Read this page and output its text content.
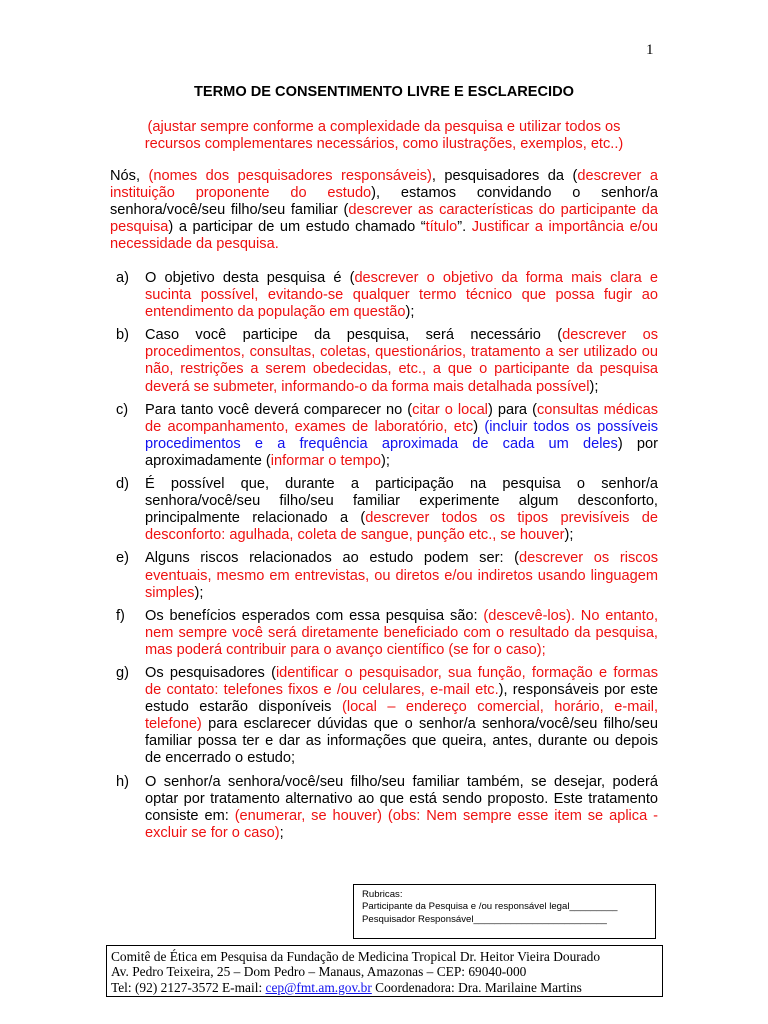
1
TERMO DE CONSENTIMENTO LIVRE E ESCLARECIDO
(ajustar sempre conforme a complexidade da pesquisa e utilizar todos os recursos complementares necessários, como ilustrações, exemplos, etc..)
Nós, (nomes dos pesquisadores responsáveis), pesquisadores da (descrever a instituição proponente do estudo), estamos convidando o senhor/a senhora/você/seu filho/seu familiar (descrever as características do participante da pesquisa) a participar de um estudo chamado “título”. Justificar a importância e/ou necessidade da pesquisa.
a) O objetivo desta pesquisa é (descrever o objetivo da forma mais clara e sucinta possível, evitando-se qualquer termo técnico que possa fugir ao entendimento da população em questão);
b) Caso você participe da pesquisa, será necessário (descrever os procedimentos, consultas, coletas, questionários, tratamento a ser utilizado ou não, restrições a serem obedecidas, etc., a que o participante da pesquisa deverá se submeter, informando-o da forma mais detalhada possível);
c) Para tanto você deverá comparecer no (citar o local) para (consultas médicas de acompanhamento, exames de laboratório, etc) (incluir todos os possíveis procedimentos e a frequência aproximada de cada um deles) por aproximadamente (informar o tempo);
d) É possível que, durante a participação na pesquisa o senhor/a senhora/você/seu filho/seu familiar experimente algum desconforto, principalmente relacionado a (descrever todos os tipos previsíveis de desconforto: agulhada, coleta de sangue, punção etc., se houver);
e) Alguns riscos relacionados ao estudo podem ser: (descrever os riscos eventuais, mesmo em entrevistas, ou diretos e/ou indiretos usando linguagem simples);
f) Os benefícios esperados com essa pesquisa são: (descevê-los). No entanto, nem sempre você será diretamente beneficiado com o resultado da pesquisa, mas poderá contribuir para o avanço científico (se for o caso);
g) Os pesquisadores (identificar o pesquisador, sua função, formação e formas de contato: telefones fixos e /ou celulares, e-mail etc.), responsáveis por este estudo estarão disponíveis (local – endereço comercial, horário, e-mail, telefone) para esclarecer dúvidas que o senhor/a senhora/você/seu filho/seu familiar possa ter e dar as informações que queira, antes, durante ou depois de encerrado o estudo;
h) O senhor/a senhora/você/seu filho/seu familiar também, se desejar, poderá optar por tratamento alternativo ao que está sendo proposto. Este tratamento consiste em: (enumerar, se houver) (obs: Nem sempre esse item se aplica - excluir se for o caso);
Rubricas:
Participante da Pesquisa e /ou responsável legal_________
Pesquisador Responsável_________________________
Comitê de Ética em Pesquisa da Fundação de Medicina Tropical Dr. Heitor Vieira Dourado
Av. Pedro Teixeira, 25 – Dom Pedro – Manaus, Amazonas – CEP: 69040-000
Tel: (92) 2127-3572 E-mail: cep@fmt.am.gov.br Coordenadora: Dra. Marilaine Martins
